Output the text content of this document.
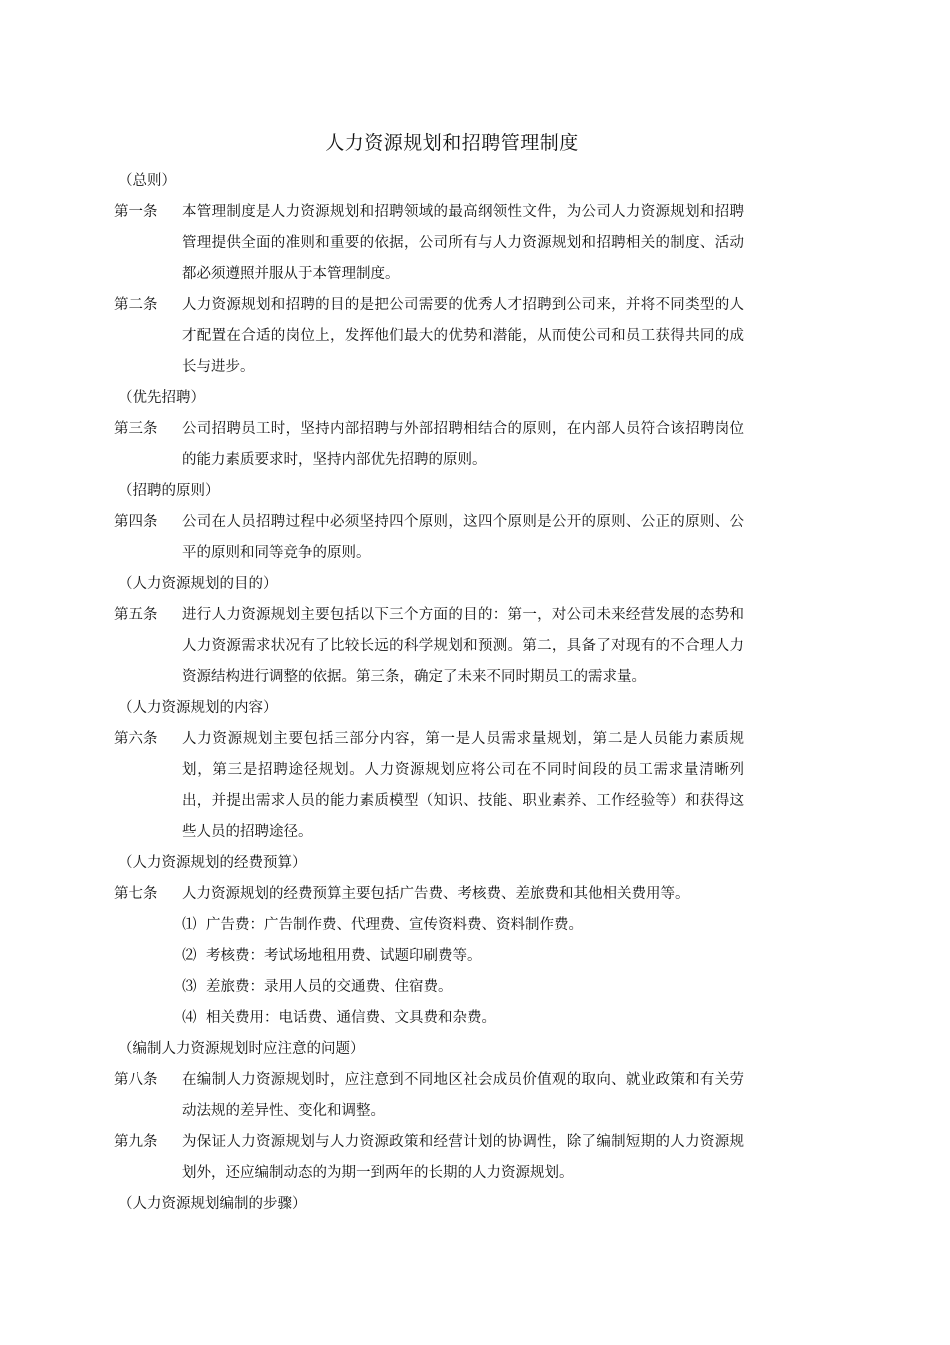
人力资源规划和招聘管理制度
（总则）
第一条	本管理制度是人力资源规划和招聘领域的最高纲领性文件，为公司人力资源规划和招聘管理提供全面的准则和重要的依据，公司所有与人力资源规划和招聘相关的制度、活动都必须遵照并服从于本管理制度。
第二条	人力资源规划和招聘的目的是把公司需要的优秀人才招聘到公司来，并将不同类型的人才配置在合适的岗位上，发挥他们最大的优势和潜能，从而使公司和员工获得共同的成长与进步。
（优先招聘）
第三条	公司招聘员工时，坚持内部招聘与外部招聘相结合的原则，在内部人员符合该招聘岗位的能力素质要求时，坚持内部优先招聘的原则。
（招聘的原则）
第四条	公司在人员招聘过程中必须坚持四个原则，这四个原则是公开的原则、公正的原则、公平的原则和同等竞争的原则。
（人力资源规划的目的）
第五条	进行人力资源规划主要包括以下三个方面的目的：第一，对公司未来经营发展的态势和人力资源需求状况有了比较长远的科学规划和预测。第二，具备了对现有的不合理人力资源结构进行调整的依据。第三条，确定了未来不同时期员工的需求量。
（人力资源规划的内容）
第六条	人力资源规划主要包括三部分内容，第一是人员需求量规划，第二是人员能力素质规划，第三是招聘途径规划。人力资源规划应将公司在不同时间段的员工需求量清晰列出，并提出需求人员的能力素质模型（知识、技能、职业素养、工作经验等）和获得这些人员的招聘途径。
（人力资源规划的经费预算）
第七条	人力资源规划的经费预算主要包括广告费、考核费、差旅费和其他相关费用等。
⑴ 广告费：广告制作费、代理费、宣传资料费、资料制作费。
⑵ 考核费：考试场地租用费、试题印刷费等。
⑶ 差旅费：录用人员的交通费、住宿费。
⑷ 相关费用：电话费、通信费、文具费和杂费。
（编制人力资源规划时应注意的问题）
第八条	在编制人力资源规划时，应注意到不同地区社会成员价值观的取向、就业政策和有关劳动法规的差异性、变化和调整。
第九条	为保证人力资源规划与人力资源政策和经营计划的协调性，除了编制短期的人力资源规划外，还应编制动态的为期一到两年的长期的人力资源规划。
（人力资源规划编制的步骤）
